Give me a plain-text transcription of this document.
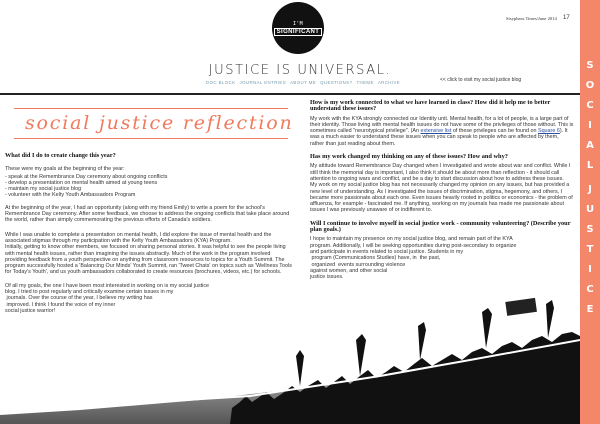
I'M
SIGNIFICANT
Sisypheas Times/June 2014 17
JUSTICE IS UNIVERSAL.
DOC BLOCK JOURNAL ENTRIES ABOUT ME QUESTIONS? THEME ARCHIVE	<< click to visit my social justice blog
S
O
C
I
A
L
J
U
S
T
I
C
E
social justice reflection
What did I do to create change this year?

These were my goals at the beginning of the year:

- speak at the Remembrance Day ceremony about ongoing conflicts
- develop a presentation on mental health aimed at young teens
- maintain my social justice blog
- volunteer with the Kelty Youth Ambassadors Program

At the beginning of the year, I had an opportunity (along with my friend Emily) to write a poem for the school's Remembrance Day ceremony. After some feedback, we choose to address the ongoing conflicts that take place around the world, rather than simply commemorating the previous efforts of Canada's soldiers.

While I was unable to complete a presentation on mental health, I did explore the issue of mental health and the associated stigmas through my participation with the Kelty Youth Ambassadors (KYA) Program.

Initially, getting to know other members, we focused on sharing personal stories. It was helpful to see the people living with mental health issues, rather than imagining the issues abstractly. Much of the work in the program involved providing feedback from a youth perspective on anything from classroom resources to topics for a Youth Summit. The program successfully hosted a 'Balancing Our Minds' Youth Summit, ran 'Tweet Chats' on topics such as 'Wellness Tools for Today's Youth', and us youth ambassadors collaborated to create resources (brochures, videos, etc.) for schools.

Of all my goals, the one I have been most interested in working on is my social justice
blog. I tried to post regularly and critically examine certain issues in my
journals. Over the course of the year, I believe my writing has
improved. I think I found the voice of my inner
social justice warrior!
How is my work connected to what we have learned in class? How did it help me to better understand these issues?
My work with the KYA strongly connected our Identity unit. Mental health, for a lot of people, is a large part of their identity. Those living with mental health issues do not have some of the privileges of those without. This is sometimes called "neurotypical privilege". (An extensive list of these privileges can be found on Square 6). It was a much easier to understand these issues when you can speak to people who are affected by them, rather than just reading about them.
Has my work changed my thinking on any of these issues? How and why?

My attitude toward Remembrance Day changed when I investigated and wrote about war and conflict. While I still think the memorial day is important, I also think it should be about more than reflection - it should call attention to ongoing wars and conflict, and be a day to start discussion about how to address these issues.

My work on my social justice blog has not necessarily changed my opinion on any issues, but has provided a new level of understanding. As I investigated the issues of discrimination, stigma, hegemony, and others, I became more passionate about each one. Even issues heavily rooted in politics or economics - the problem of affluenza, for example - fascinated me. If anything, working on my journals has made me passionate about issues I was previously unaware of or indifferent to.

Will I continue to involve myself in social justice work - community volunteering? (Describe your plan goals.)
I hope to maintain my presence on my social justice blog, and remain part of the KYA
program. Additionally, I will be seeking opportunities during post-secondary to organize
and participate in events related to social justice. Students in my
program (Communications Studies) have, in  the past,
organized  events surrounding violence
against women, and other social
justice issues.
